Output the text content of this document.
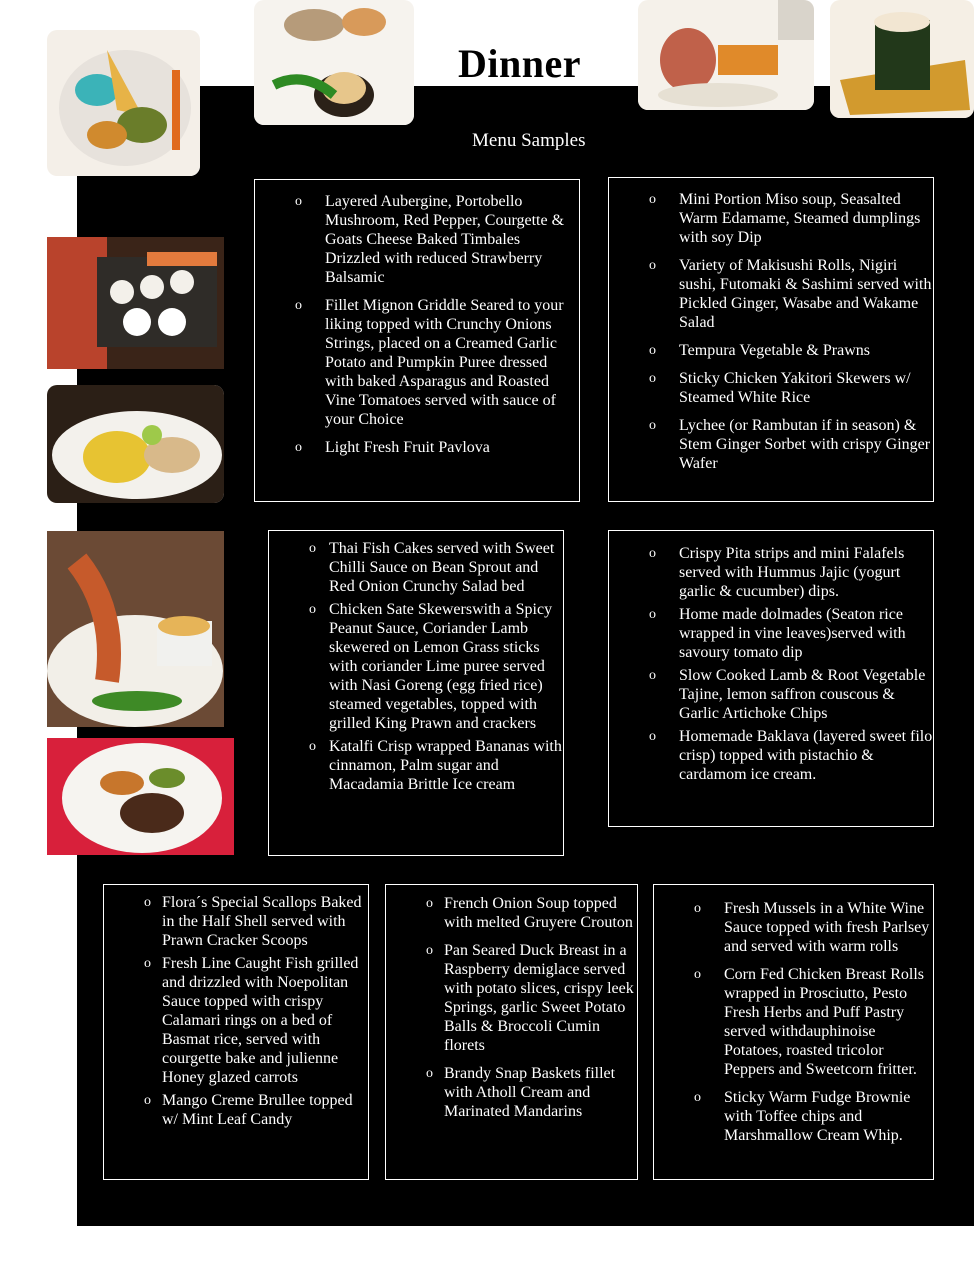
Dinner
Menu Samples
o Layered Aubergine, Portobello Mushroom, Red Pepper, Courgette & Goats Cheese Baked Timbales Drizzled with reduced Strawberry Balsamic
o Fillet Mignon Griddle Seared to your liking topped with Crunchy Onions Strings, placed on a Creamed Garlic Potato and Pumpkin Puree dressed with baked Asparagus and Roasted Vine Tomatoes served with sauce of your Choice
o Light Fresh Fruit Pavlova
o Mini Portion Miso soup, Seasalted Warm Edamame, Steamed dumplings with soy Dip
o Variety of Makisushi Rolls, Nigiri sushi, Futomaki & Sashimi served with Pickled Ginger, Wasabe and Wakame Salad
o Tempura Vegetable & Prawns
o Sticky Chicken Yakitori Skewers w/ Steamed White Rice
o Lychee (or Rambutan if in season) & Stem Ginger Sorbet with crispy Ginger Wafer
o Thai Fish Cakes served with Sweet Chilli Sauce on Bean Sprout and Red Onion Crunchy Salad bed
o Chicken Sate Skewerswith a Spicy Peanut Sauce, Coriander Lamb skewered on Lemon Grass sticks with coriander Lime puree served with Nasi Goreng (egg fried rice) steamed vegetables, topped with grilled King Prawn and crackers
o Katalfi Crisp wrapped Bananas with cinnamon, Palm sugar and Macadamia Brittle Ice cream
o Crispy Pita strips and mini Falafels served with Hummus Jajic (yogurt garlic & cucumber) dips.
o Home made dolmades (Seaton rice wrapped in vine leaves)served with savoury tomato dip
o Slow Cooked Lamb & Root Vegetable Tajine, lemon saffron couscous & Garlic Artichoke Chips
o Homemade Baklava (layered sweet filo crisp) topped with pistachio & cardamom ice cream.
o Flora´s Special Scallops Baked in the Half Shell served with Prawn Cracker Scoops
o Fresh Line Caught Fish grilled and drizzled with Noepolitan Sauce topped with crispy Calamari rings on a bed of Basmat rice, served with courgette bake and julienne Honey glazed carrots
o Mango Creme Brullee topped w/ Mint Leaf Candy
o French Onion Soup topped with melted Gruyere Crouton
o Pan Seared Duck Breast in a Raspberry demiglace served with potato slices, crispy leek Springs, garlic Sweet Potato Balls & Broccoli Cumin florets
o Brandy Snap Baskets fillet with Atholl Cream and Marinated Mandarins
o Fresh Mussels in a White Wine Sauce topped with fresh Parlsey and served with warm rolls
o Corn Fed Chicken Breast Rolls wrapped in Prosciutto, Pesto Fresh Herbs and Puff Pastry served withdauphinoise Potatoes, roasted tricolor Peppers and Sweetcorn fritter.
o Sticky Warm Fudge Brownie with Toffee chips and Marshmallow Cream Whip.
